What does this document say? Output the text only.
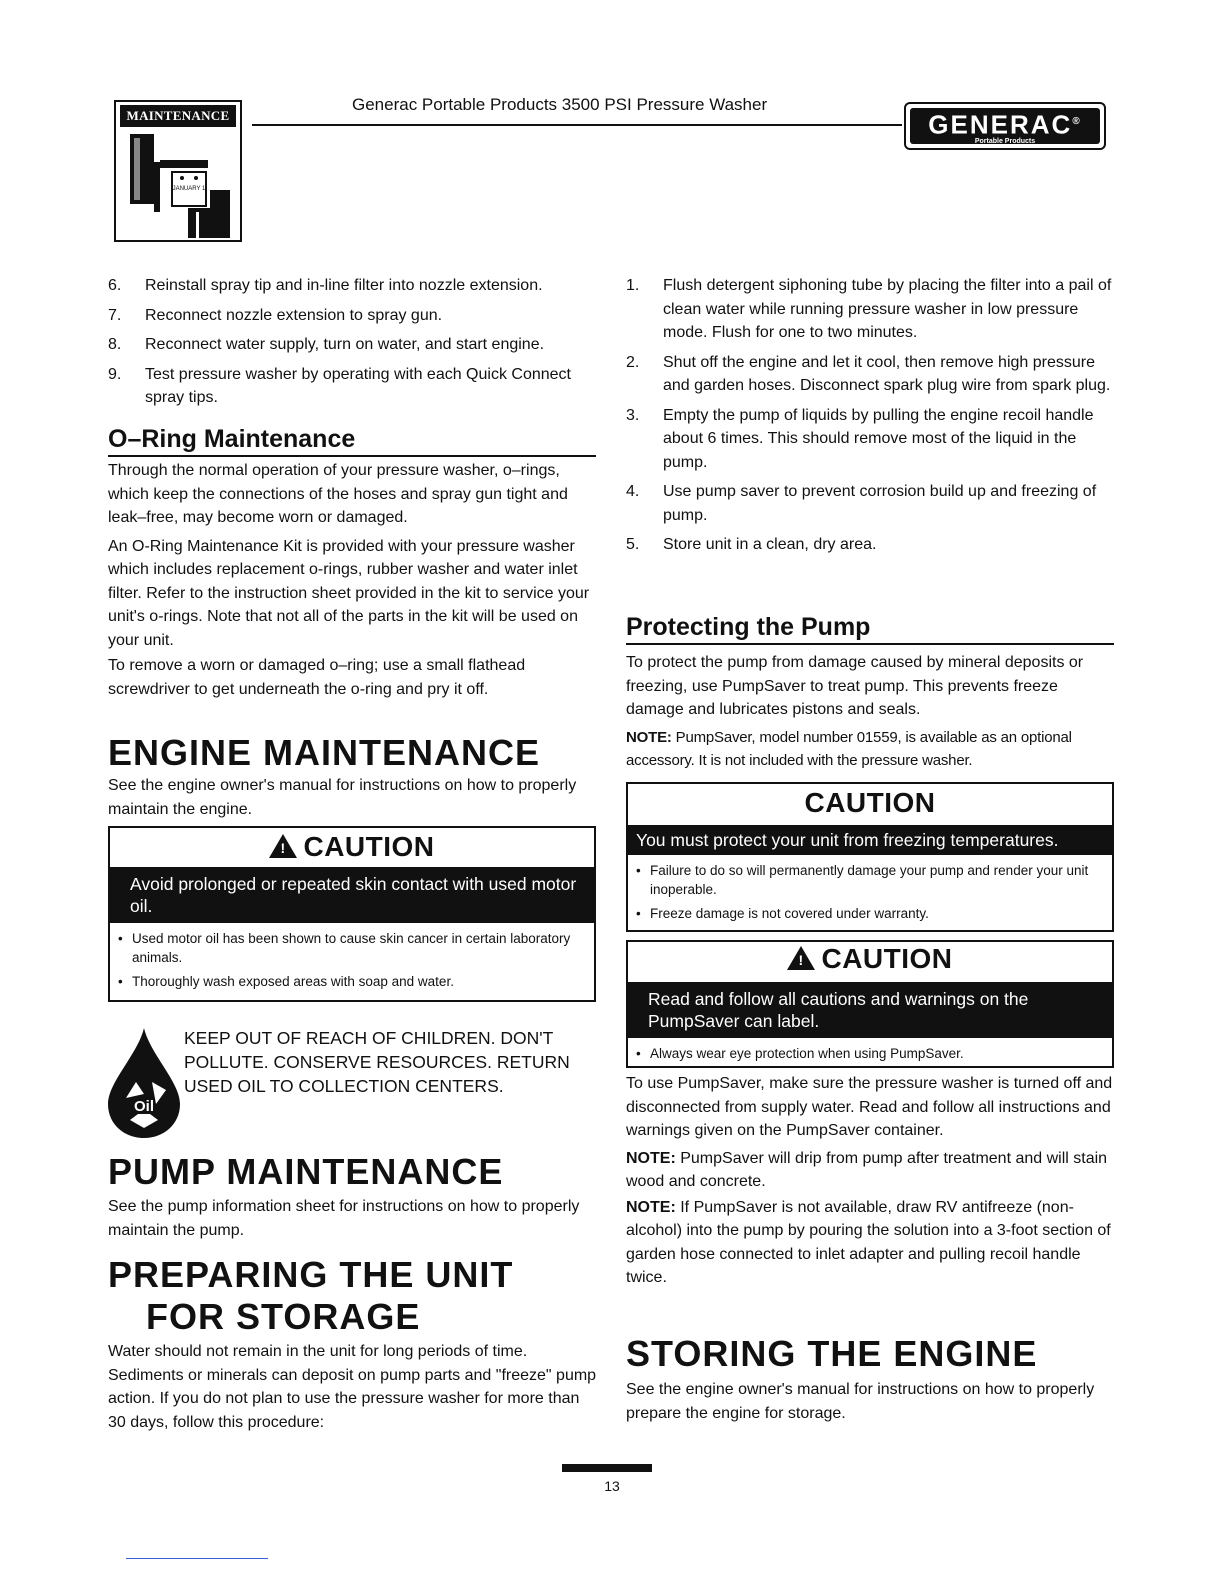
MAINTENANCE
JANUARY 1
Generac Portable Products 3500 PSI Pressure Washer
GENERAC®
Portable Products
6. Reinstall spray tip and in-line filter into nozzle extension.
7. Reconnect nozzle extension to spray gun.
8. Reconnect water supply, turn on water, and start engine.
9. Test pressure washer by operating with each Quick Connect spray tips.
O–Ring Maintenance

Through the normal operation of your pressure washer, o–rings, which keep the connections of the hoses and spray gun tight and leak–free, may become worn or damaged.

An O-Ring Maintenance Kit is provided with your pressure washer which includes replacement o-rings, rubber washer and water inlet filter. Refer to the instruction sheet provided in the kit to service your unit's o-rings. Note that not all of the parts in the kit will be used on your unit.

To remove a worn or damaged o–ring; use a small flathead screwdriver to get underneath the o-ring and pry it off.

ENGINE MAINTENANCE
See the engine owner's manual for instructions on how to properly maintain the engine.
! CAUTION
Avoid prolonged or repeated skin contact with used motor oil.
• Used motor oil has been shown to cause skin cancer in certain laboratory animals.
• Thoroughly wash exposed areas with soap and water.
Oil
KEEP OUT OF REACH OF CHILDREN. DON'T POLLUTE. CONSERVE RESOURCES. RETURN USED OIL TO COLLECTION CENTERS.
PUMP MAINTENANCE
See the pump information sheet for instructions on how to properly maintain the pump.
PREPARING THE UNIT
FOR STORAGE
Water should not remain in the unit for long periods of time. Sediments or minerals can deposit on pump parts and "freeze" pump action. If you do not plan to use the pressure washer for more than 30 days, follow this procedure:
1. Flush detergent siphoning tube by placing the filter into a pail of clean water while running pressure washer in low pressure mode. Flush for one to two minutes.
2. Shut off the engine and let it cool, then remove high pressure and garden hoses. Disconnect spark plug wire from spark plug.
3. Empty the pump of liquids by pulling the engine recoil handle about 6 times. This should remove most of the liquid in the pump.
4. Use pump saver to prevent corrosion build up and freezing of pump.
5. Store unit in a clean, dry area.
Protecting the Pump

To protect the pump from damage caused by mineral deposits or freezing, use PumpSaver to treat pump. This prevents freeze damage and lubricates pistons and seals.

NOTE: PumpSaver, model number 01559, is available as an optional accessory. It is not included with the pressure washer.

CAUTION
You must protect your unit from freezing temperatures.
• Failure to do so will permanently damage your pump and render your unit inoperable.
• Freeze damage is not covered under warranty.
! CAUTION
Read and follow all cautions and warnings on the PumpSaver can label.
• Always wear eye protection when using PumpSaver.

To use PumpSaver, make sure the pressure washer is turned off and disconnected from supply water. Read and follow all instructions and warnings given on the PumpSaver container.

NOTE: PumpSaver will drip from pump after treatment and will stain wood and concrete.

NOTE: If PumpSaver is not available, draw RV antifreeze (non-alcohol) into the pump by pouring the solution into a 3-foot section of garden hose connected to inlet adapter and pulling recoil handle twice.

STORING THE ENGINE
See the engine owner's manual for instructions on how to properly prepare the engine for storage.
13
